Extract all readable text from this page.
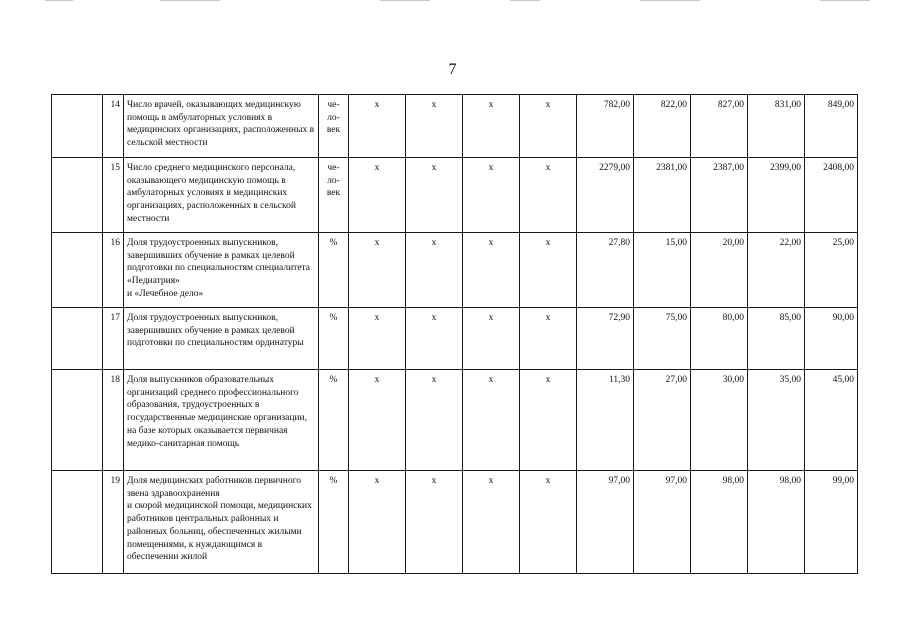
7
	14	Число врачей, оказывающих медицинскую помощь в амбулаторных условиях в медицинских организациях, расположенных в сельской местности	че-
ло-
век	х	х	х	х	782,00	822,00	827,00	831,00	849,00
	15	Число среднего медицинского персонала, оказывающего медицинскую помощь в амбулаторных условиях в медицинских организациях, расположенных в сельской местности	че-
ло-
век	х	х	х	х	2279,00	2381,00	2387,00	2399,00	2408,00
	16	Доля трудоустроенных выпускников, завершивших обучение в рамках целевой подготовки по специальностям специалитета «Педиатрия»
и «Лечебное дело»	%	х	х	х	х	27,80	15,00	20,00	22,00	25,00
	17	Доля трудоустроенных выпускников, завершивших обучение в рамках целевой подготовки по специальностям ординатуры	%	х	х	х	х	72,90	75,00	80,00	85,00	90,00
	18	Доля выпускников образовательных организаций среднего профессионального образования, трудоустроенных в государственные медицинские организации, на базе которых оказывается первичная медико-санитарная помощь	%	х	х	х	х	11,30	27,00	30,00	35,00	45,00
	19	Доля медицинских работников первичного звена здравоохранения
и скорой медицинской помощи, медицинских работников центральных районных и районных больниц, обеспеченных жилыми помещениями, к нуждающимся в обеспечении жилой	%	х	х	х	х	97,00	97,00	98,00	98,00	99,00
